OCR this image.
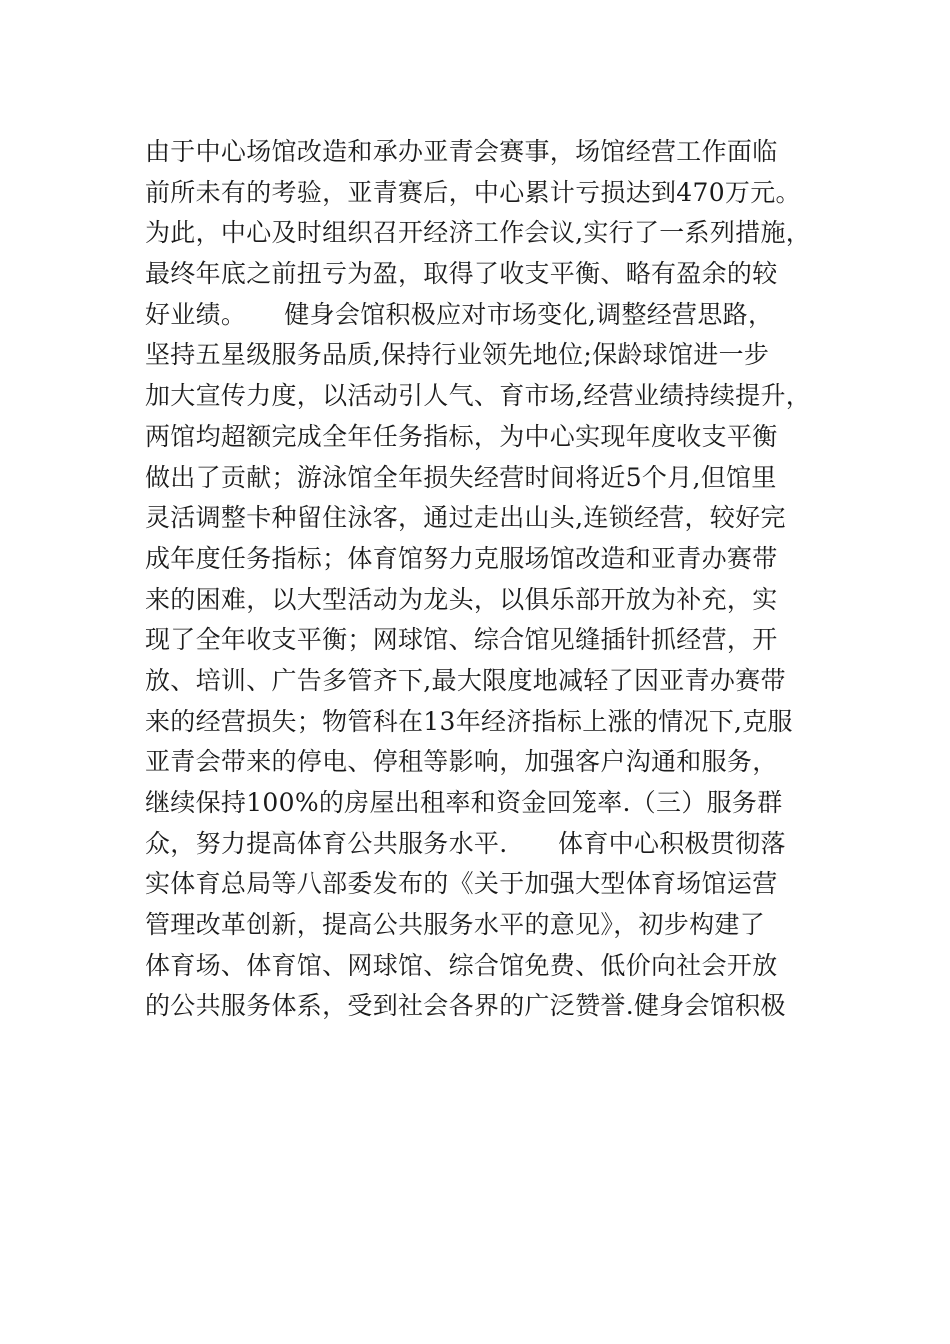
由于中心场馆改造和承办亚青会赛事，场馆经营工作面临
前所未有的考验，亚青赛后，中心累计亏损达到470万元。
为此，中心及时组织召开经济工作会议,实行了一系列措施，
最终年底之前扭亏为盈，取得了收支平衡、略有盈余的较
好业绩。　　健身会馆积极应对市场变化,调整经营思路，
坚持五星级服务品质,保持行业领先地位;保龄球馆进一步
加大宣传力度，以活动引人气、育市场,经营业绩持续提升，
两馆均超额完成全年任务指标，为中心实现年度收支平衡
做出了贡献；游泳馆全年损失经营时间将近5个月,但馆里
灵活调整卡种留住泳客，通过走出山头,连锁经营，较好完
成年度任务指标；体育馆努力克服场馆改造和亚青办赛带
来的困难，以大型活动为龙头，以俱乐部开放为补充，实
现了全年收支平衡；网球馆、综合馆见缝插针抓经营，开
放、培训、广告多管齐下,最大限度地减轻了因亚青办赛带
来的经营损失；物管科在13年经济指标上涨的情况下,克服
亚青会带来的停电、停租等影响，加强客户沟通和服务，
继续保持100%的房屋出租率和资金回笼率.（三）服务群
众，努力提高体育公共服务水平.　　体育中心积极贯彻落
实体育总局等八部委发布的《关于加强大型体育场馆运营
管理改革创新，提高公共服务水平的意见》，初步构建了
体育场、体育馆、网球馆、综合馆免费、低价向社会开放
的公共服务体系，受到社会各界的广泛赞誉.健身会馆积极
